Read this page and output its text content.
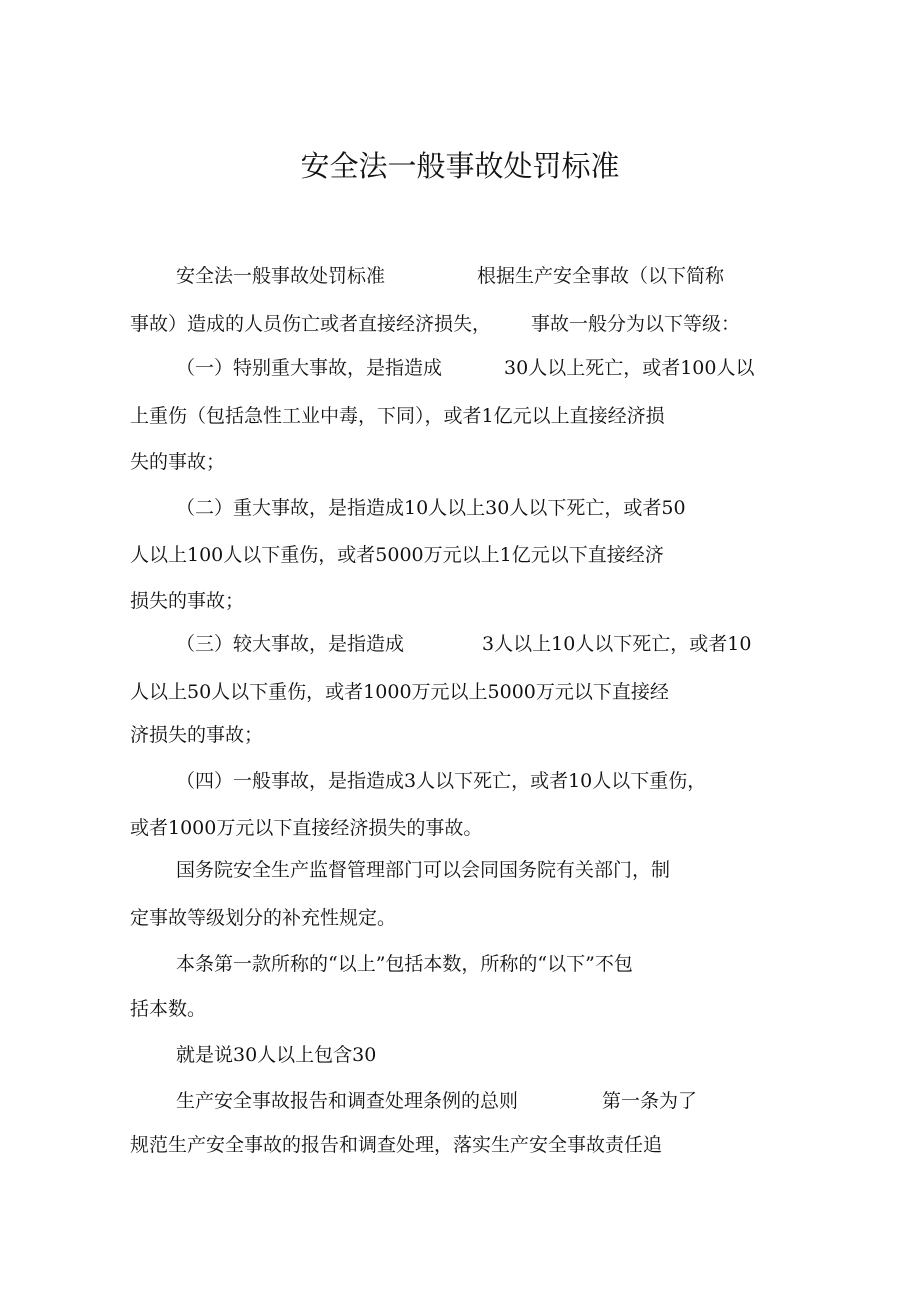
安全法一般事故处罚标准
安全法一般事故处罚标准	根据生产安全事故（以下简称
事故）造成的人员伤亡或者直接经济损失， 事故一般分为以下等级：
（一）特别重大事故，是指造成	30人以上死亡，或者100人以
上重伤（包括急性工业中毒，下同），或者1亿元以上直接经济损
失的事故；
（二）重大事故，是指造成10人以上30人以下死亡，或者50
人以上100人以下重伤，或者5000万元以上1亿元以下直接经济
损失的事故；
（三）较大事故，是指造成	3人以上10人以下死亡，或者10
人以上50人以下重伤，或者1000万元以上5000万元以下直接经
济损失的事故；
（四）一般事故，是指造成3人以下死亡，或者10人以下重伤，
或者1000万元以下直接经济损失的事故。
国务院安全生产监督管理部门可以会同国务院有关部门，制
定事故等级划分的补充性规定。
本条第一款所称的“以上”包括本数，所称的“以下”不包
括本数。
就是说30人以上包含30
生产安全事故报告和调查处理条例的总则	第一条为了
规范生产安全事故的报告和调查处理，落实生产安全事故责任追
